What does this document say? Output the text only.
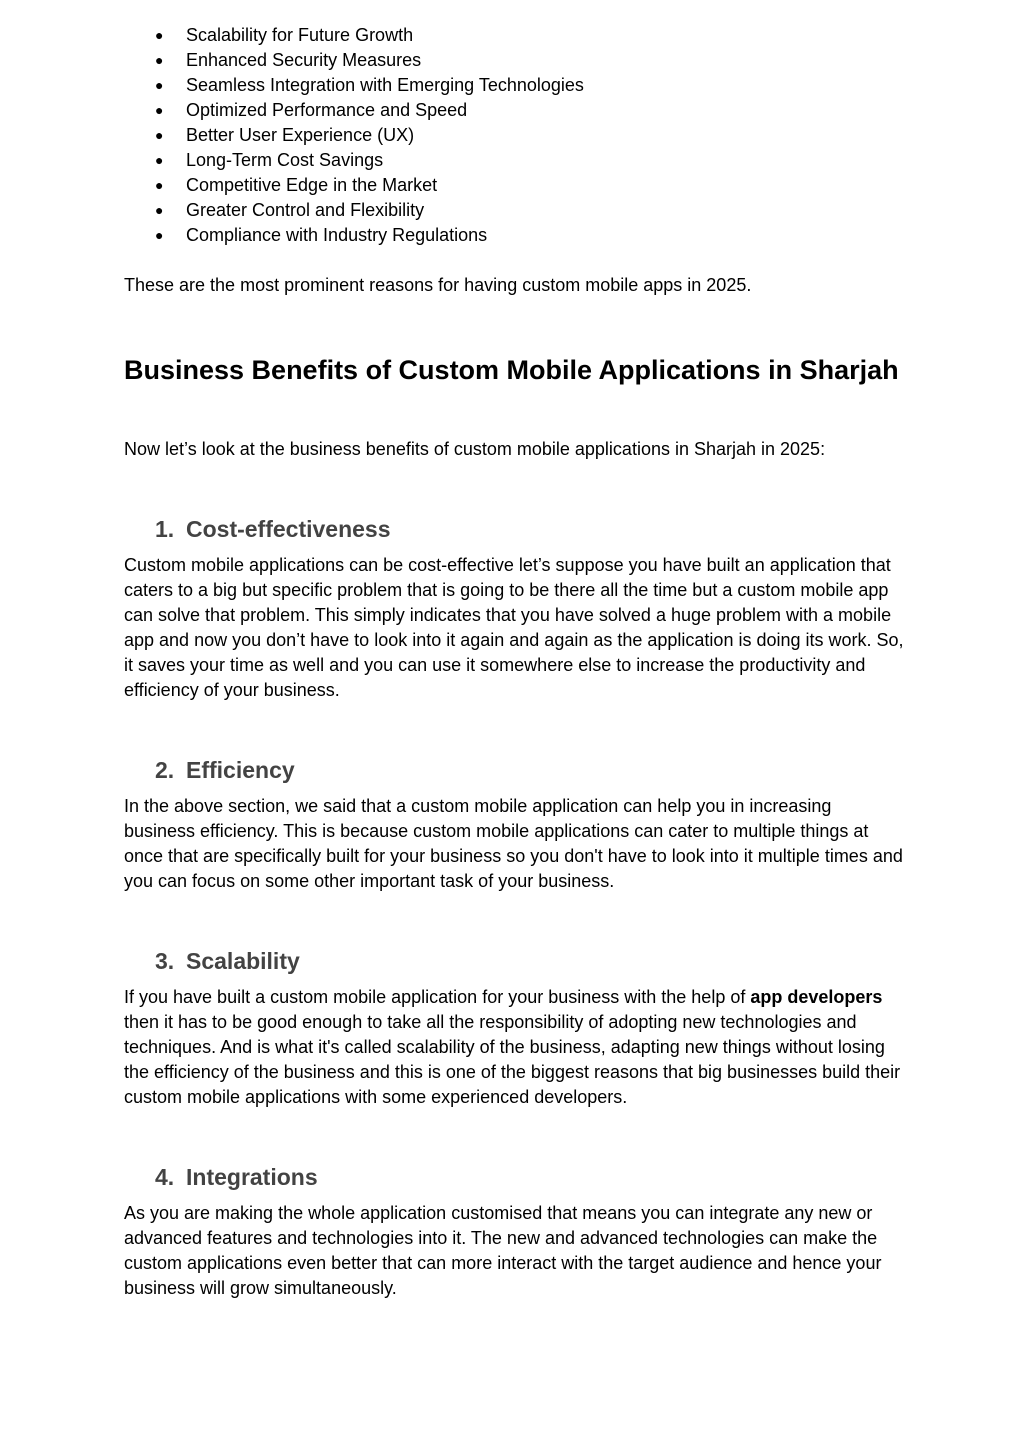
● Scalability for Future Growth
● Enhanced Security Measures
● Seamless Integration with Emerging Technologies
● Optimized Performance and Speed
● Better User Experience (UX)
● Long-Term Cost Savings
● Competitive Edge in the Market
● Greater Control and Flexibility
● Compliance with Industry Regulations

These are the most prominent reasons for having custom mobile apps in 2025.

Business Benefits of Custom Mobile Applications in Sharjah

Now let’s look at the business benefits of custom mobile applications in Sharjah in 2025:

1. Cost-effectiveness

Custom mobile applications can be cost-effective let’s suppose you have built an application that caters to a big but specific problem that is going to be there all the time but a custom mobile app can solve that problem. This simply indicates that you have solved a huge problem with a mobile app and now you don’t have to look into it again and again as the application is doing its work. So, it saves your time as well and you can use it somewhere else to increase the productivity and efficiency of your business.

2. Efficiency

In the above section, we said that a custom mobile application can help you in increasing business efficiency. This is because custom mobile applications can cater to multiple things at once that are specifically built for your business so you don't have to look into it multiple times and you can focus on some other important task of your business.

3. Scalability

If you have built a custom mobile application for your business with the help of app developers then it has to be good enough to take all the responsibility of adopting new technologies and techniques. And is what it's called scalability of the business, adapting new things without losing the efficiency of the business and this is one of the biggest reasons that big businesses build their custom mobile applications with some experienced developers.

4. Integrations

As you are making the whole application customised that means you can integrate any new or advanced features and technologies into it. The new and advanced technologies can make the custom applications even better that can more interact with the target audience and hence your business will grow simultaneously.
